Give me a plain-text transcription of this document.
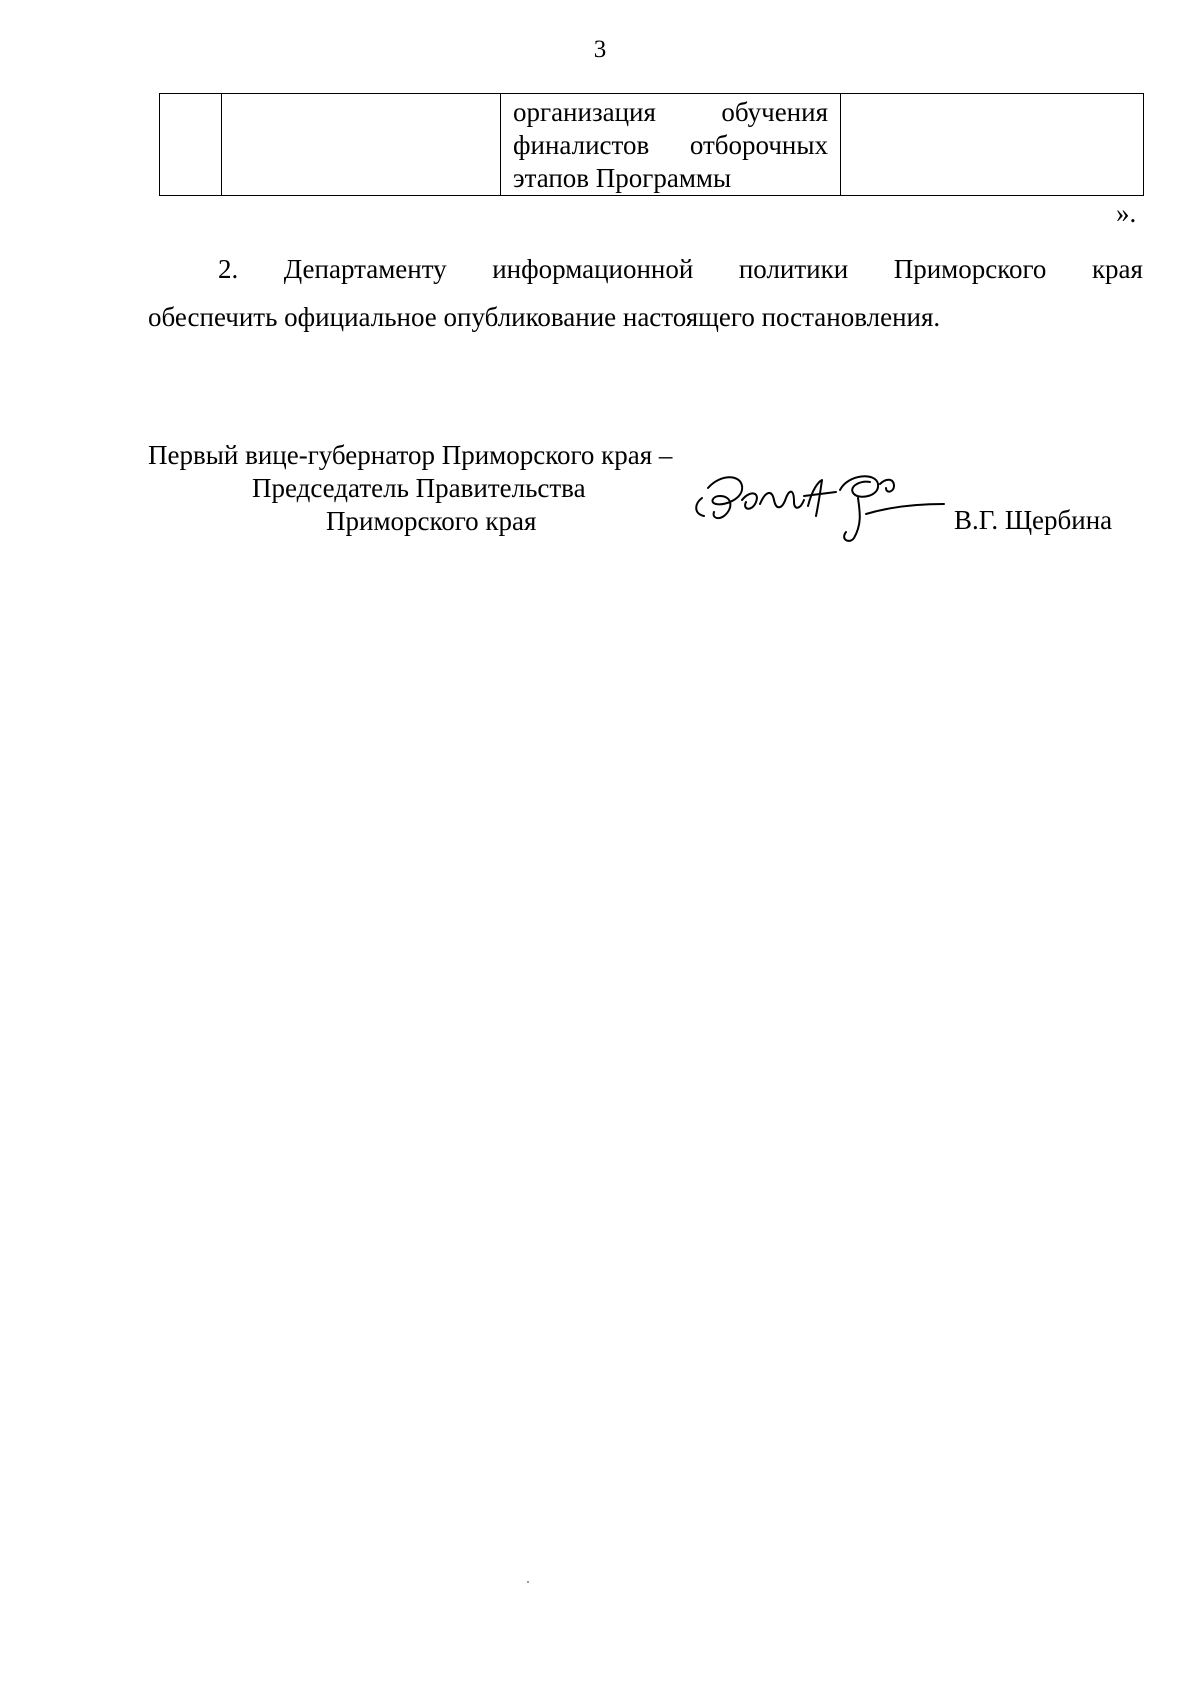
3

организация обучения
финалистов отборочных
этапов Программы

».
2. Департаменту информационной политики Приморского края
обеспечить официальное опубликование настоящего постановления.
Первый вице-губернатор Приморского края –
Председатель Правительства
Приморского края	В.Г. Щербина
